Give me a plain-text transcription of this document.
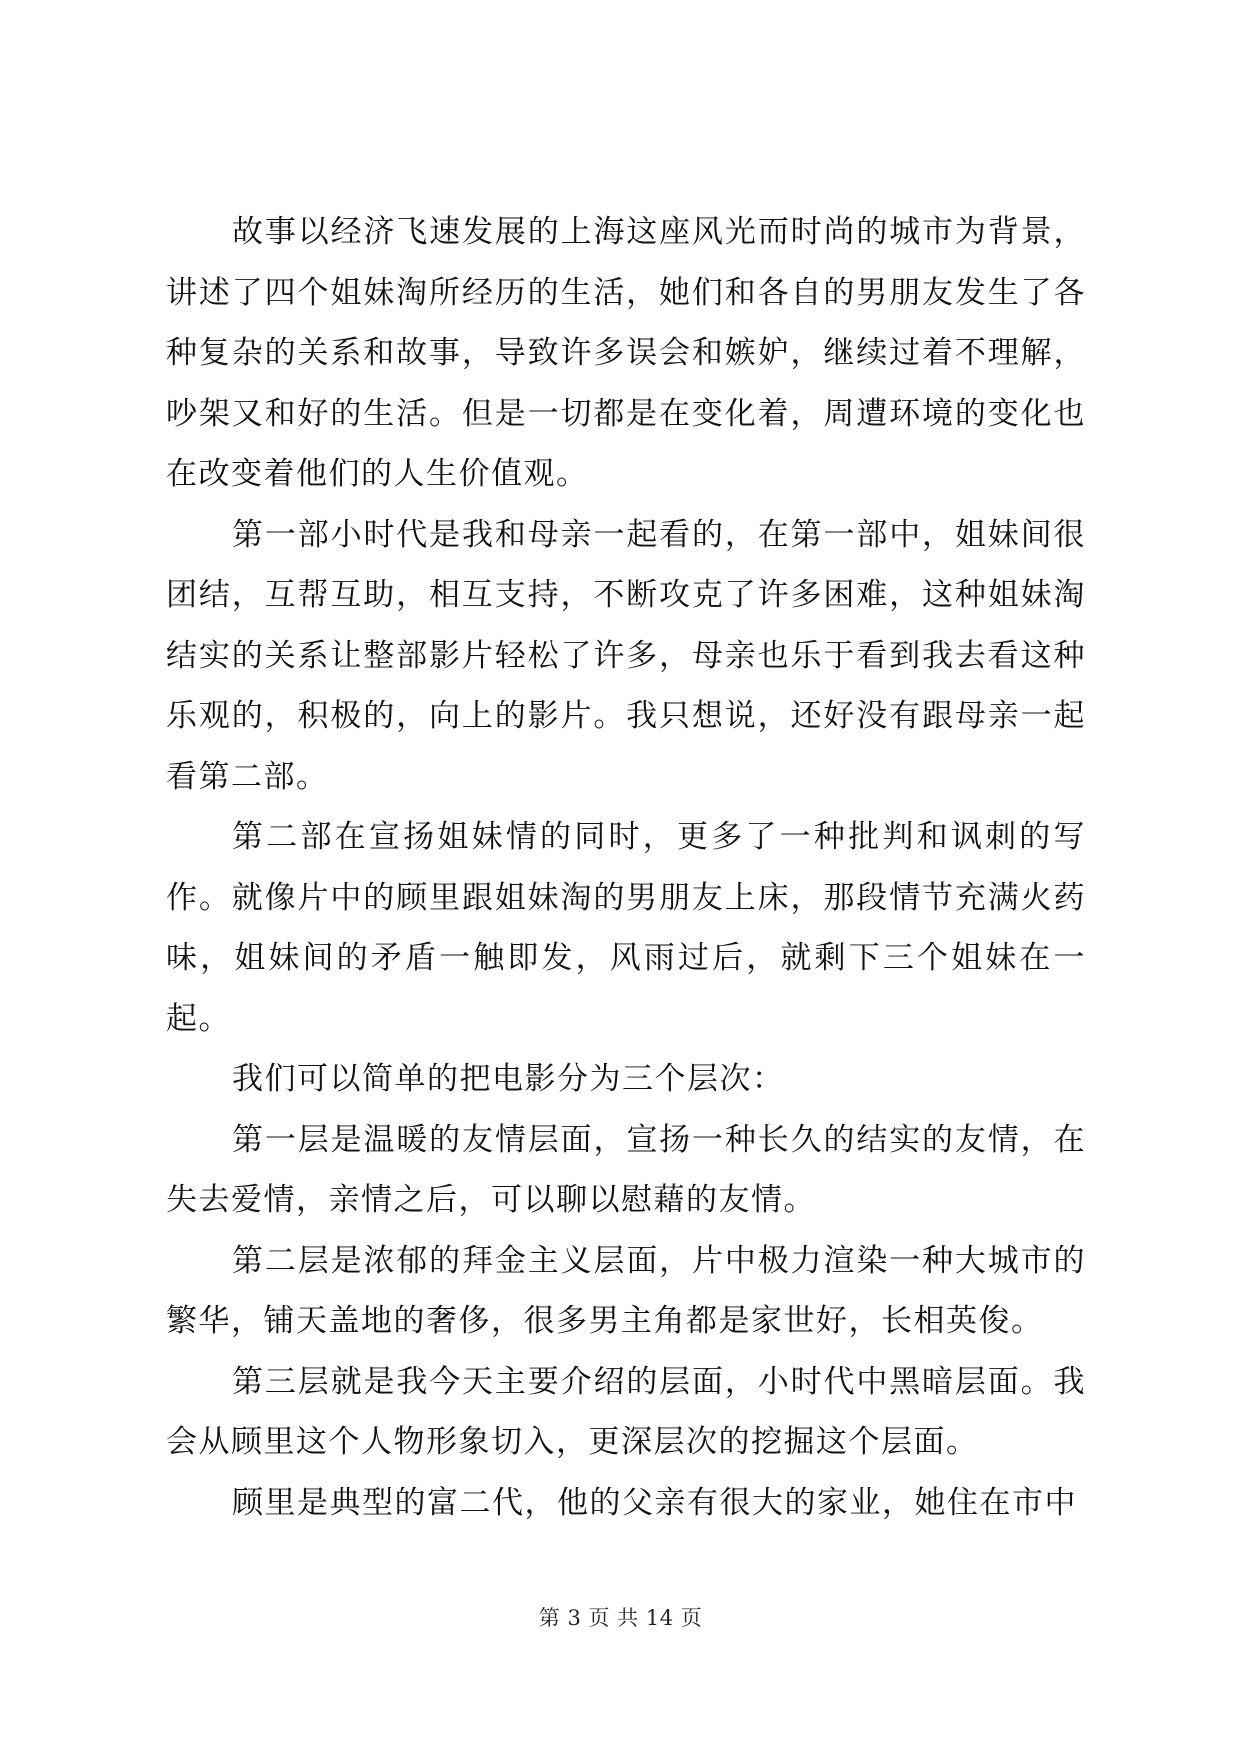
故事以经济飞速发展的上海这座风光而时尚的城市为背景，讲述了四个姐妹淘所经历的生活，她们和各自的男朋友发生了各种复杂的关系和故事，导致许多误会和嫉妒，继续过着不理解，吵架又和好的生活。但是一切都是在变化着，周遭环境的变化也在改变着他们的人生价值观。

第一部小时代是我和母亲一起看的，在第一部中，姐妹间很团结，互帮互助，相互支持，不断攻克了许多困难，这种姐妹淘结实的关系让整部影片轻松了许多，母亲也乐于看到我去看这种乐观的，积极的，向上的影片。我只想说，还好没有跟母亲一起看第二部。

第二部在宣扬姐妹情的同时，更多了一种批判和讽刺的写作。就像片中的顾里跟姐妹淘的男朋友上床，那段情节充满火药味，姐妹间的矛盾一触即发，风雨过后，就剩下三个姐妹在一起。

我们可以简单的把电影分为三个层次：

第一层是温暖的友情层面，宣扬一种长久的结实的友情，在失去爱情，亲情之后，可以聊以慰藉的友情。

第二层是浓郁的拜金主义层面，片中极力渲染一种大城市的繁华，铺天盖地的奢侈，很多男主角都是家世好，长相英俊。

第三层就是我今天主要介绍的层面，小时代中黑暗层面。我会从顾里这个人物形象切入，更深层次的挖掘这个层面。

顾里是典型的富二代，他的父亲有很大的家业，她住在市中

第 3 页 共 14 页
